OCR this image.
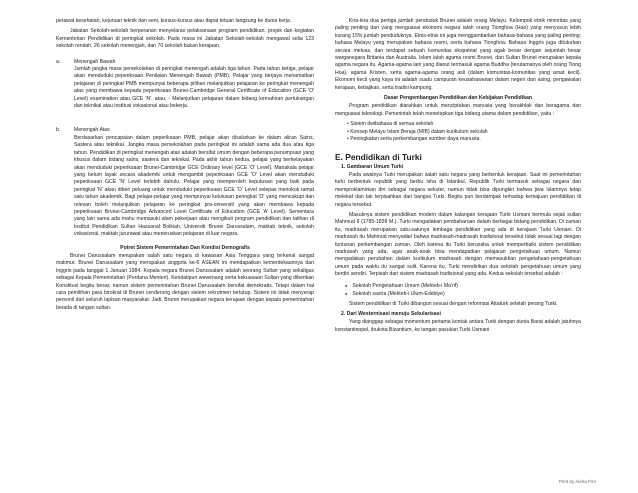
perawat kesehatan, kejuruan teknik dan seni, kursus-kursus atau dapat tetuan langsung ke dunia kerja.

Jabatan Sekolah-sekolah berperanan menyelaras pelaksanaan program pendidikan, projek dan kegiatan Kementerian Pendidikan di peringkat sekolah. Pada masa ini Jabatan Sekolah-sekolah mengawal selia 123 sekolah rendah, 26 sekolah menengah, dan 70 sekolah bukan kerajaan.

a.	Menengah Bawah

Jumlah jangka masa persekolahan di peringkat menengah adalah tiga tahun. Pada tahun ketiga, pelajar akan menduduki peperiksaan Penilaian Menengah Bawah (PMB). Pelajar yang berjaya menamatkan pelajaran di peringkat PMB mempunyai beberapa pilihan melanjutkan pelajaran ke peringkat menengah atas yang membawa kepada peperiksaan Brunei-Cambridge General Certificate of Education (GCE 'O' Level) examination atau GCE 'N', atau, - Melanjutkan pelajaran dalam bidang kemahiran pertukangan dan teknikal atau institusi vokasional atau bekerja.

b.	Menengah Atas

Berdasarkan pencapaian dalam peperiksaan PMB, pelajar akan disalurkan ke dalam aliran Sains, Sastera atau teknikal. Jangka masa persekolahan pada peringkat ini adalah sama ada dua atau tiga tahun. Pendidikan di peringkat menengah atas adalah bersifat umum dengan beberapa penumpuan yang khusus dalam bidang sains, sastera dan teknikal. Pada akhir tahun kedua, pelajar yang berkelayakan akan menduduki peperiksaan Brunei-Cambridge GCE Ordinary level (GCE 'O' Level). Manakala pelajar yang belum layak secara akademik untuk mengambil peperiksaan GCE 'O' Level akan menduduki peperiksaan GCE 'N' Level terlebih dahulu. Pelajar yang memperoleh keputusan yang baik pada peringkat 'N' akan diberi peluang untuk menduduki peperiksaan GCE 'O' Level selepas menokok tamat satu tahun akademik. Bagi pelajar-pelajar yang mempunyai kelulusan peringkat 'O' yang mencukupi dan relevan boleh melanjutkan pelajaran ke peringkat pra-universiti yang akan membawa kepada peperiksaan Brunei-Cambridge Advanced Level Certificate of Education (GCE 'A' Level). Sementara yang lain sama ada mahu memasuki alam pekerjaan atau mengikuti program pendidikan dan latihan di Institut Pendidikan Sultan Hassanal Bolkiah, Universiti Brunei Darussalam, maktab teknik, sekolah vokasional, maktab jururawat atau meneruskan pelajaran di luar negara.

Potret Sistem Pemerintahan Dan Kondisi Demografis

Brunei Darussalam merupakan salah satu negara di kawasan Asia Tenggara yang terkenal sangat makmur. Brunei Darussalam yang merupakan anggota ke-6 ASEAN ini mendapatkan kemerdekaannya dari Inggris pada tanggal 1 Januari 1984. Kepala negara Brunei Darussalam adalah seorang Sultan yang sekaligus sebagai Kepala Pemerintahan (Perdana Menteri). Kendatipun wewenang serta kekuasaan Sultan yang diberikan Konstitusi begitu besar, namun sistem pemerintahan Brunei Darussalam bersifat demokratis. Tetapi dalam hal cara pemilihan para birokrat di Brunei cenderung dengan sistem rekrutmen tertutup. Sistem ini tidak menyerap personil dari seluruh lapisan masyarakat. Jadi, Brunei merupakan negara kerajaan dengan kepala pemerintahan berada di tangan sultan.

Kira-kira dua pertiga jumlah penduduk Brunei adalah orang Melayu. Kelompok etnik minoritas yang paling penting dan yang menguasai ekonomi negara ialah orang Tionghoa (Han) yang menyusun lebih kurang 15% jumlah penduduknya. Etnis-etnis ini juga menggambarkan bahasa-bahasa yang paling penting: bahasa Melayu yang merupakan bahasa resmi, serta bahasa Tionghoa. Bahasa Inggris juga dituturkan secara meluas, dan terdapat sebuah komunitas ekspatriat yang agak besar dengan sejumlah besar warganegara Britania dan Australia. Islam ialah agama resmi Brunei, dan Sultan Brunei merupakan kepala agama negara itu. Agama-agama lain yang dianut termasuk agama Buddha (terutamanya oleh orang Tiong Hoa), agama Kristen, serta agama-agama orang asli (dalam komunitas-komunitas yang amat kecil). Ekonomi kecil yang kaya ini adalah suatu campuran keusahawanan dalam negeri dan asing, pengawalan kerajaan, kebajikan, serta tradisi kampung.

Dasar Pengembangan Pendidikan dan Kebijakan Pendidikan

Program pendidikan diarahkan untuk menciptakan manusia yang berakhlak dan beragama dan menguasai teknologi. Pemerintah telah menetapkan tiga bidang utama dalam pendidikan, yaitu :

• Sistem dwibahasa di semua sekolah
• Konsep Melayu Islam Beraja (MIB) dalam kurikulum sekolah
• Peningkatan serta perkembangan sumber daya manusia.
E. Pendidikan di Turki
1. Gambaran Umum Turki

Pada awalnya Turki merupakan salah satu negara yang berbentuk kerajaan. Saat ini pemerintahan turki berbentuk republik yang berbu lsha di Istanbul. Republik Turki termasuk sebagai negara dan memproklamirkan diri sebagai negara sekuler, namun tidak bisa dipungkiri bahwa jiwa Islamnya tetap melekat dan tak terpisahkan dari bangsa Turki. Begitu pun berdampak terhadap kemajuan pendidikan di negara tersebut.

Masuknya sistem pendidikan modern dalam kalangan kerajaan Turki Usmani bermula sejak sultan Mahmud II (1785-1839 M.). Turki mengadakan pembaharuan dalam berbagai bidang pendidikan. Di zaman itu, madrasah merupakan satu-satunya lembaga pendidikan yang ada di kerajaan Turki Usmani. Di madrasah itu Mahmud menyadari bahwa madrasah-madrasah tradisional tersebut tidak sesuai lagi dengan tuntunan perkembangan zaman. Oleh karena itu Turki berusaha untuk memperbaiki sistem pendidikan madrasah yang ada, agar anak-anak bisa mendapatkan pelajaran pengetahuan umum. Namun mengadakan perubahan dalam kurikulum madrasah dengan memasukkan pengetahuan-pengetahuan umum pada waktu itu sangat sulit. Karena itu, Turki mendirikan dua sekolah pengetahuan umum yang berdiri sendiri. Terpisah dari sistem madrasah tradisional yang ada. Kedua sekolah tersebut adalah :

● Sekolah Pengetahuan Umum (Mekteb-i Ma'rif)
● Sekolah sastra (Mekteb-i Ulum-Edebiye)

Sistem pendidikan di Turki dibangun sesuai dengan reformasi Attaturk setelah perang Turki.

2. Dari Westernisasi menuju Sekularisasi

Yang dianggap sebagai momentum pertama kontak antara Turki dengan dunia Barat adalah jatuhnya konstantinopel, ibukota Bizantium, ke tangan pasukan Turki Usmani

Print by Aisha Firn
